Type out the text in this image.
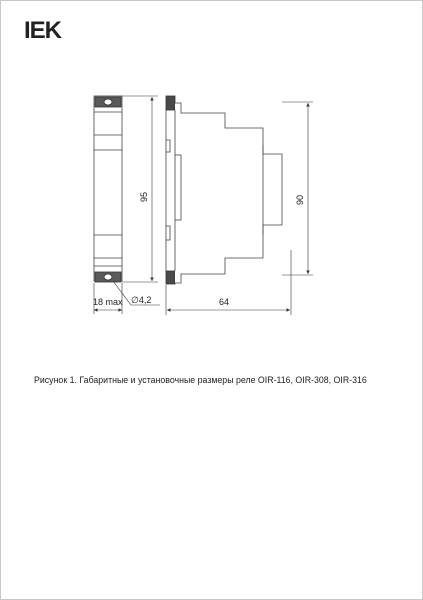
IEK
95
18 max ∅4,2
90
64
Рисунок 1. Габаритные и установочные размеры реле OIR-116, OIR-308, OIR-316
